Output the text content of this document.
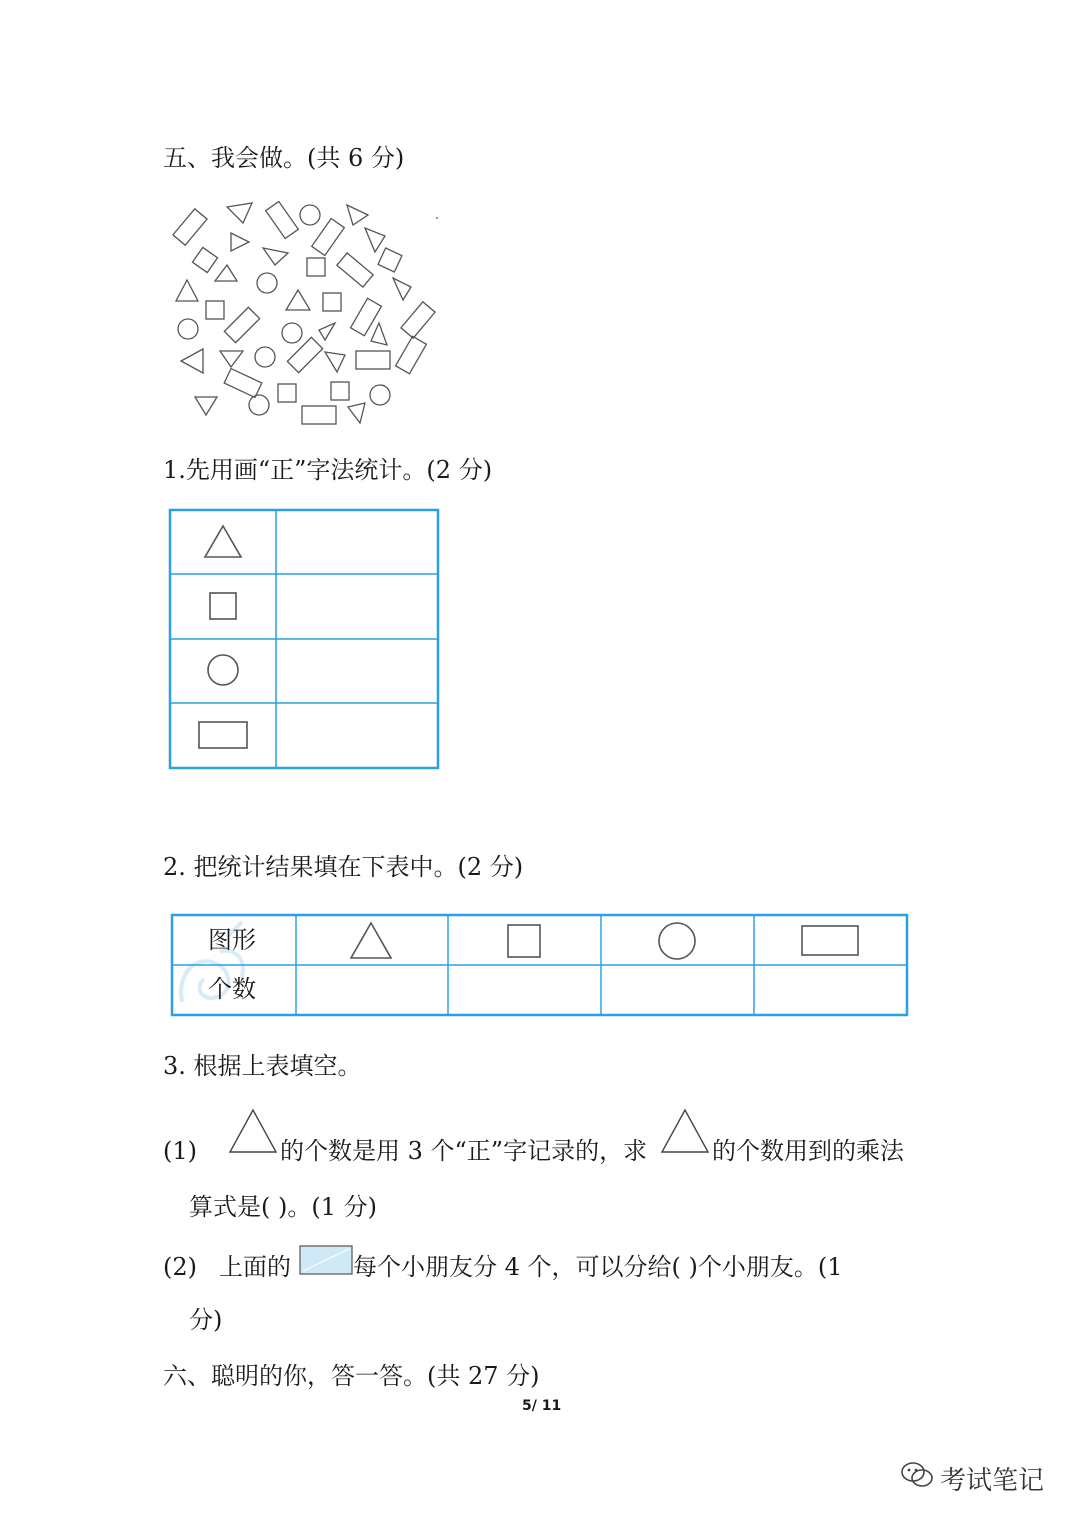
五、我会做。(共 6 分)
1.先用画“正”字法统计。(2 分)
2. 把统计结果填在下表中。(2 分)
图形
个数
3. 根据上表填空。
(1)	的个数是用 3 个“正”字记录的，求	的个数用到的乘法
算式是( )。(1 分)
(2) 上面的	每个小朋友分 4 个，可以分给( )个小朋友。(1
分)
六、聪明的你，答一答。(共 27 分)
5/ 11
考试笔记
